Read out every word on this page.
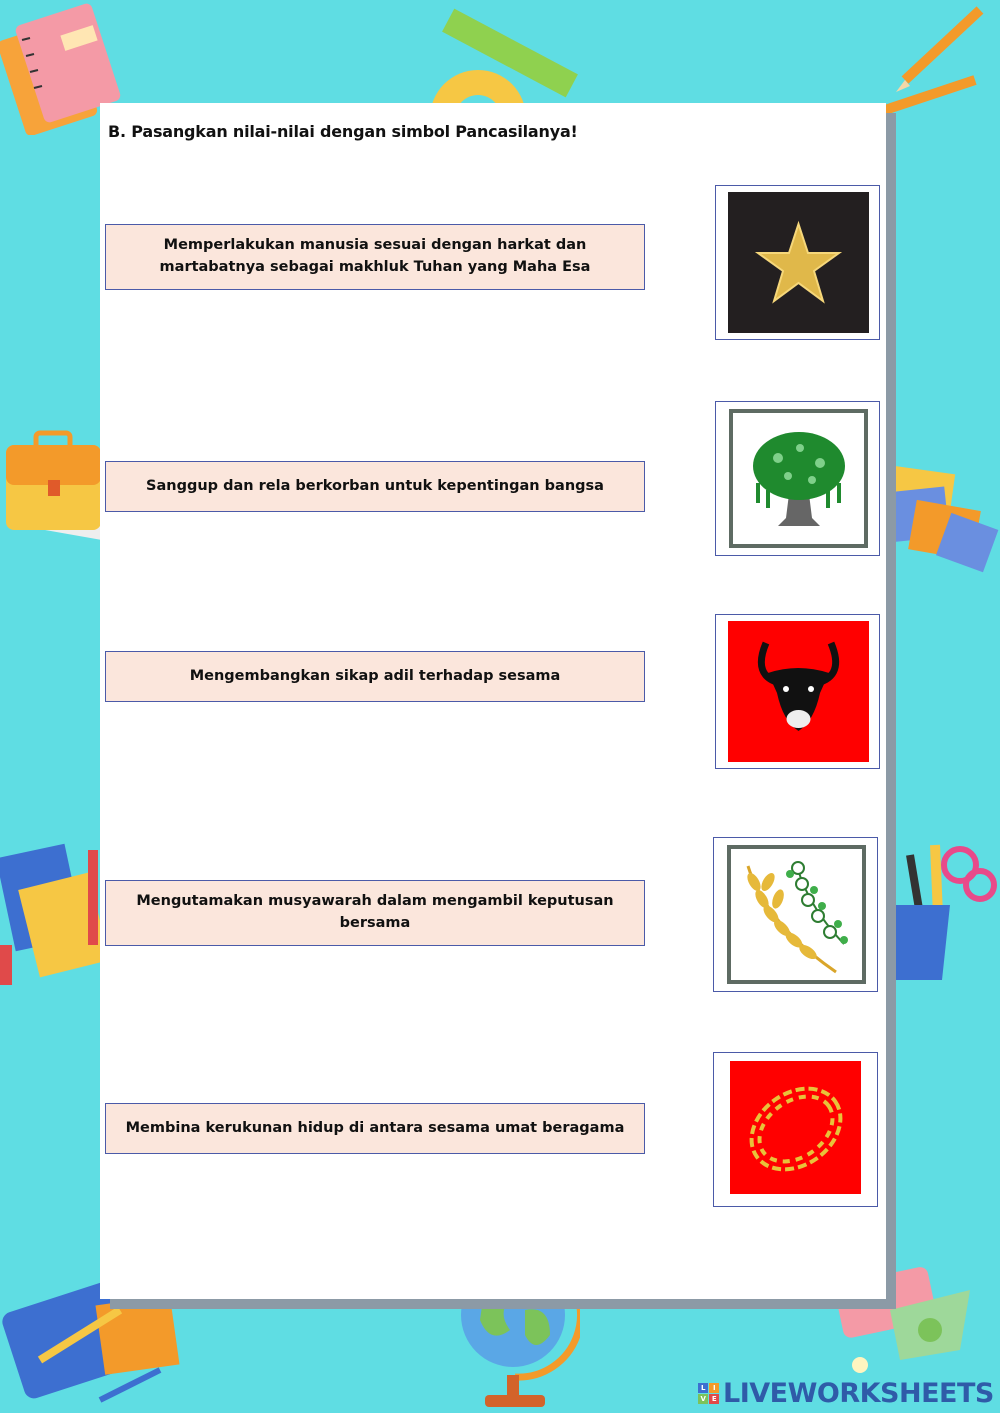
B. Pasangkan nilai-nilai dengan simbol Pancasilanya!
Memperlakukan manusia sesuai dengan harkat dan martabatnya sebagai makhluk Tuhan yang Maha Esa
Sanggup dan rela berkorban untuk kepentingan bangsa
Mengembangkan sikap adil terhadap sesama
Mengutamakan musyawarah dalam mengambil keputusan bersama
Membina kerukunan hidup di antara sesama umat beragama
L	I
V E LIVEWORKSHEETS
